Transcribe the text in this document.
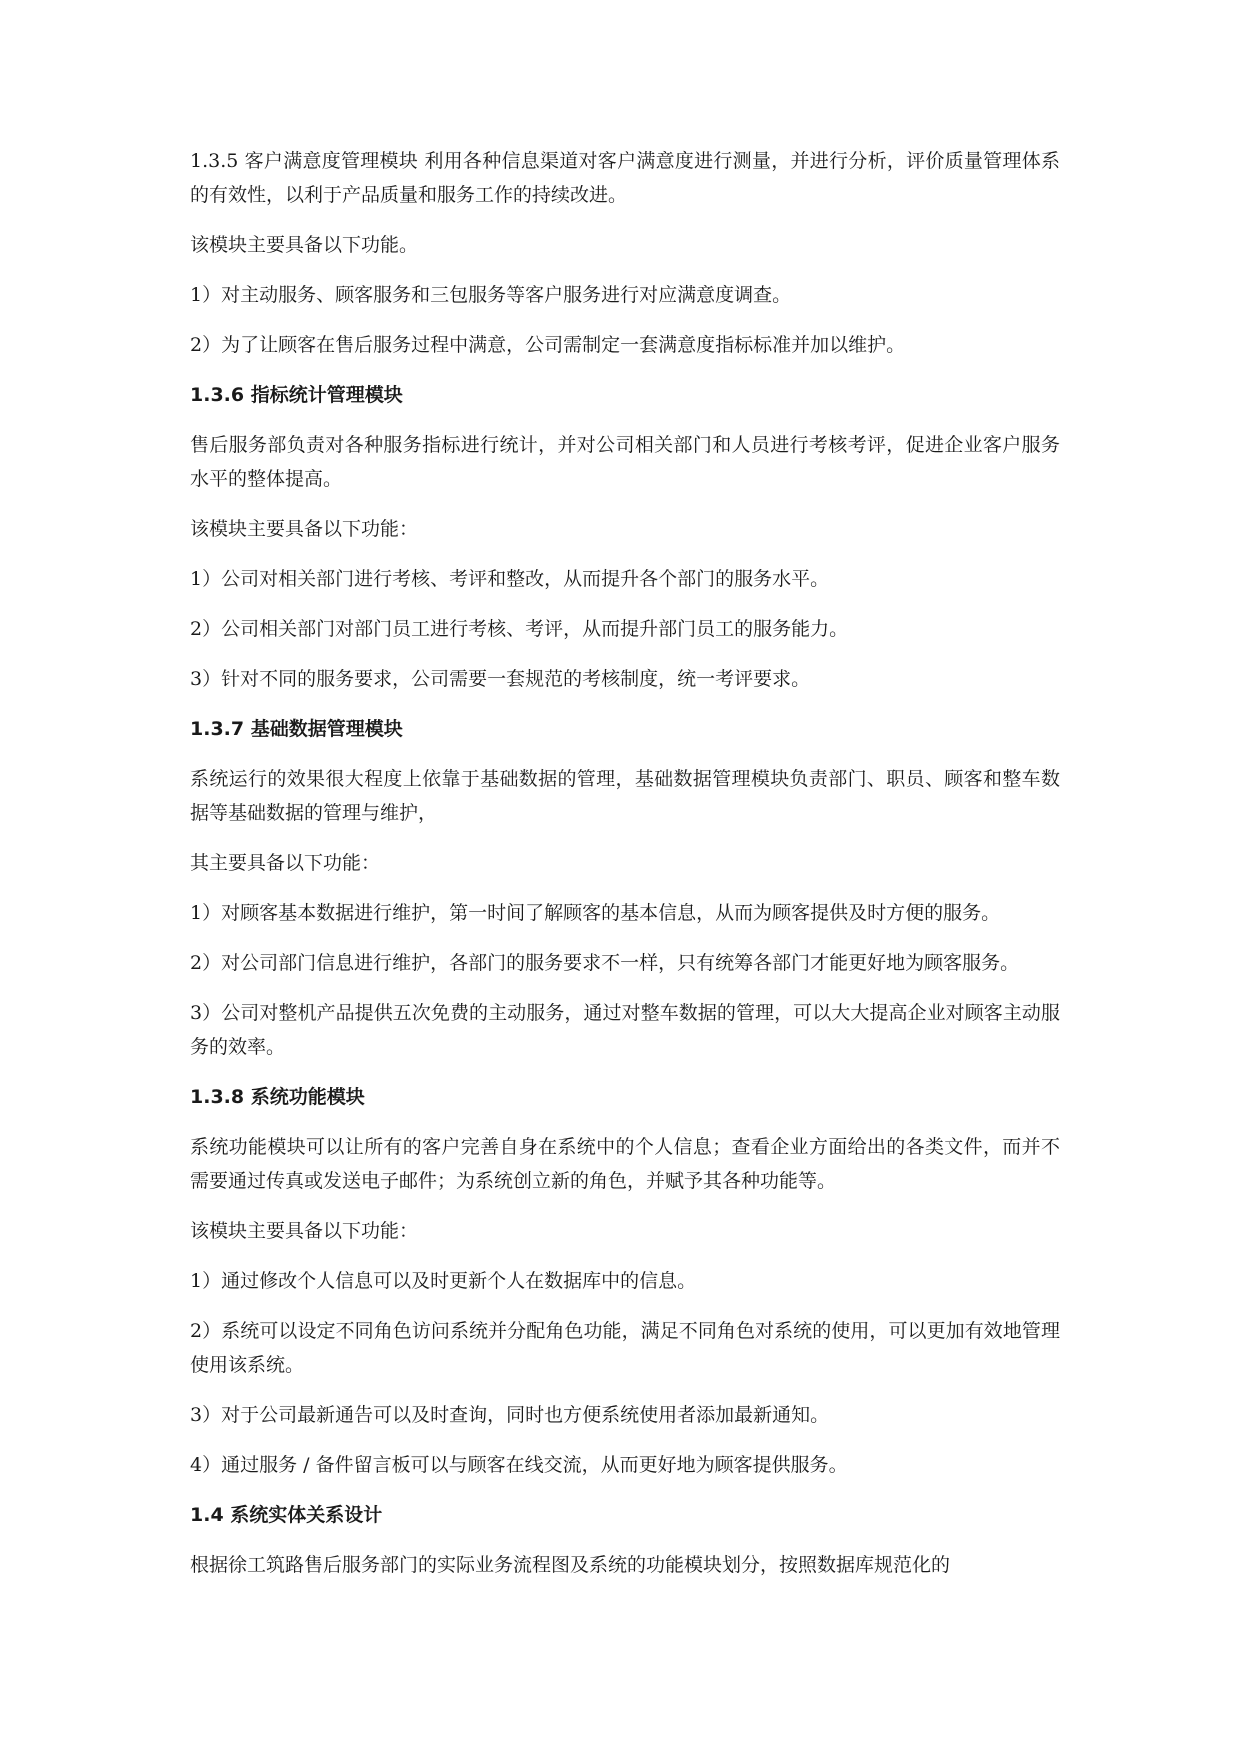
1.3.5 客户满意度管理模块 利用各种信息渠道对客户满意度进行测量，并进行分析，评价质量管理体系的有效性，以利于产品质量和服务工作的持续改进。

该模块主要具备以下功能。

1）对主动服务、顾客服务和三包服务等客户服务进行对应满意度调查。

2）为了让顾客在售后服务过程中满意，公司需制定一套满意度指标标准并加以维护。

1.3.6 指标统计管理模块

售后服务部负责对各种服务指标进行统计，并对公司相关部门和人员进行考核考评，促进企业客户服务水平的整体提高。

该模块主要具备以下功能：

1）公司对相关部门进行考核、考评和整改，从而提升各个部门的服务水平。

2）公司相关部门对部门员工进行考核、考评，从而提升部门员工的服务能力。

3）针对不同的服务要求，公司需要一套规范的考核制度，统一考评要求。

1.3.7 基础数据管理模块

系统运行的效果很大程度上依靠于基础数据的管理，基础数据管理模块负责部门、职员、顾客和整车数据等基础数据的管理与维护，

其主要具备以下功能：

1）对顾客基本数据进行维护，第一时间了解顾客的基本信息，从而为顾客提供及时方便的服务。

2）对公司部门信息进行维护，各部门的服务要求不一样，只有统筹各部门才能更好地为顾客服务。

3）公司对整机产品提供五次免费的主动服务，通过对整车数据的管理，可以大大提高企业对顾客主动服务的效率。

1.3.8 系统功能模块

系统功能模块可以让所有的客户完善自身在系统中的个人信息；查看企业方面给出的各类文件，而并不需要通过传真或发送电子邮件；为系统创立新的角色，并赋予其各种功能等。

该模块主要具备以下功能：

1）通过修改个人信息可以及时更新个人在数据库中的信息。

2）系统可以设定不同角色访问系统并分配角色功能，满足不同角色对系统的使用，可以更加有效地管理使用该系统。

3）对于公司最新通告可以及时查询，同时也方便系统使用者添加最新通知。

4）通过服务 / 备件留言板可以与顾客在线交流，从而更好地为顾客提供服务。

1.4 系统实体关系设计

根据徐工筑路售后服务部门的实际业务流程图及系统的功能模块划分，按照数据库规范化的
